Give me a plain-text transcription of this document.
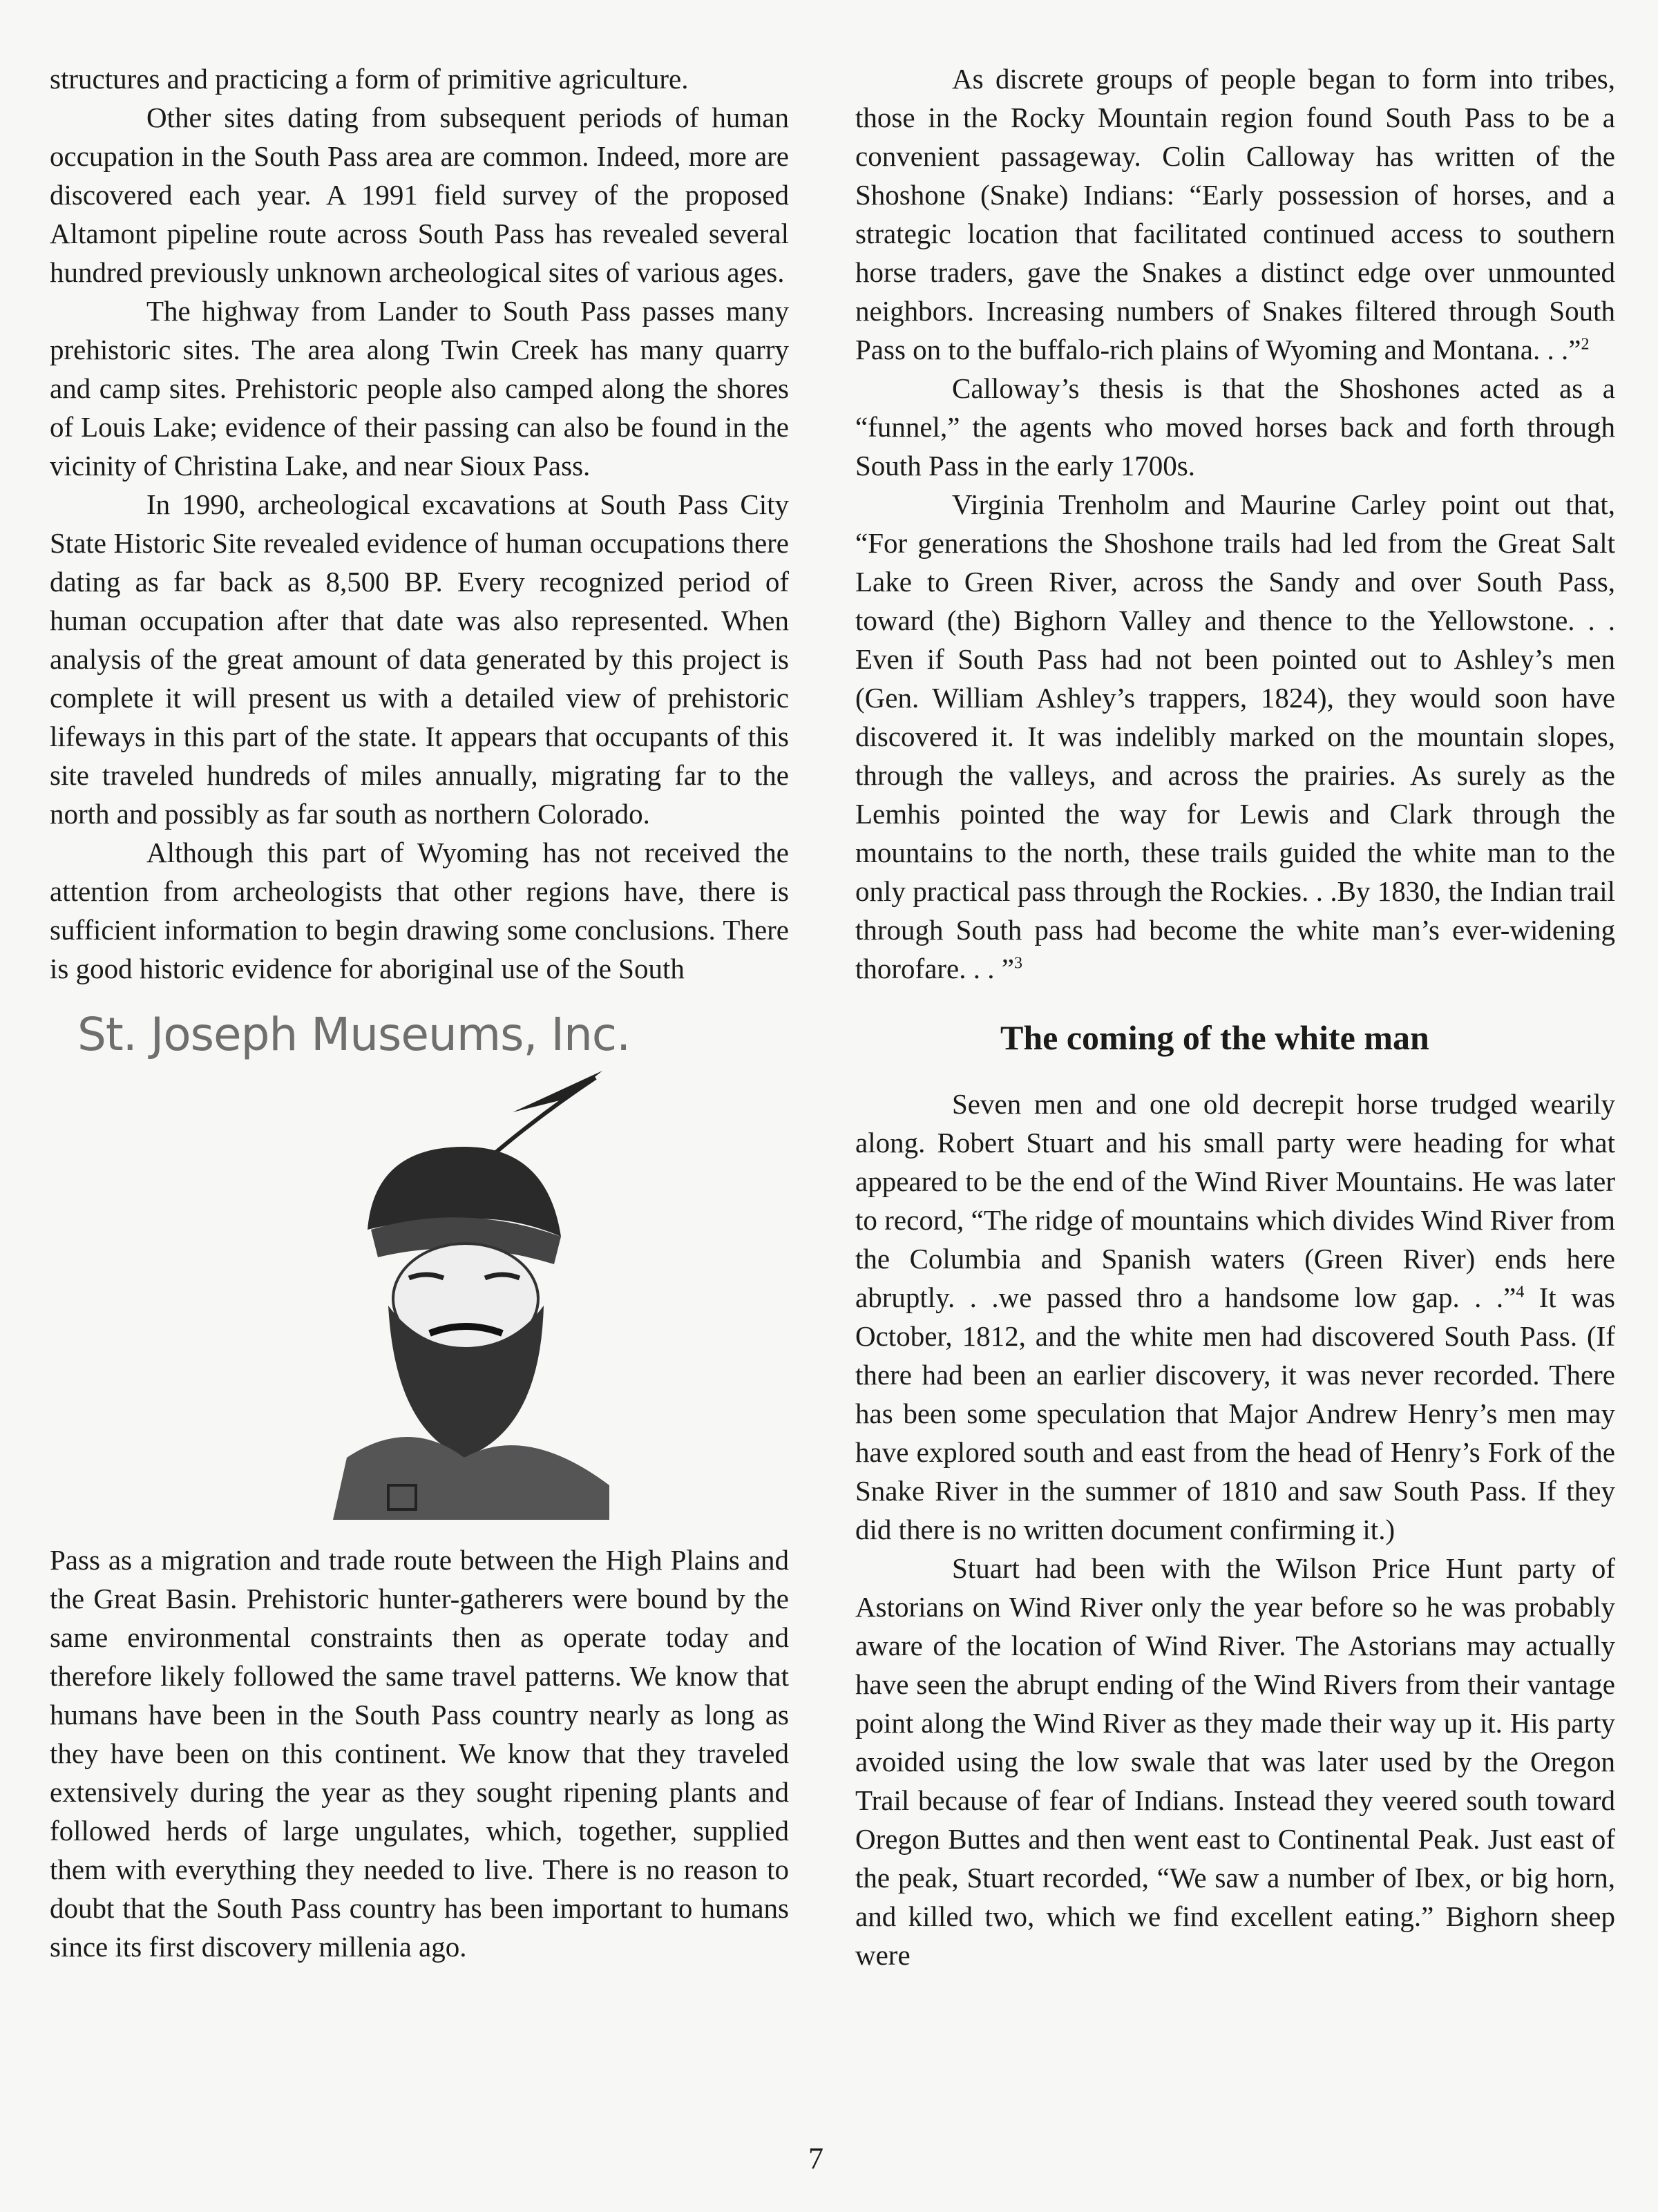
structures and practicing a form of primitive agriculture.

Other sites dating from subsequent periods of human occupation in the South Pass area are common. Indeed, more are discovered each year. A 1991 field survey of the proposed Altamont pipeline route across South Pass has revealed several hundred previously unknown archeological sites of various ages.

The highway from Lander to South Pass passes many prehistoric sites. The area along Twin Creek has many quarry and camp sites. Prehistoric people also camped along the shores of Louis Lake; evidence of their passing can also be found in the vicinity of Christina Lake, and near Sioux Pass.

In 1990, archeological excavations at South Pass City State Historic Site revealed evidence of human occupations there dating as far back as 8,500 BP. Every recognized period of human occupation after that date was also represented. When analysis of the great amount of data generated by this project is complete it will present us with a detailed view of prehistoric lifeways in this part of the state. It appears that occupants of this site traveled hundreds of miles annually, migrating far to the north and possibly as far south as northern Colorado.

Although this part of Wyoming has not received the attention from archeologists that other regions have, there is sufficient information to begin drawing some conclusions. There is good historic evidence for aboriginal use of the South

St. Joseph Museums, Inc.

Pass as a migration and trade route between the High Plains and the Great Basin. Prehistoric hunter-gatherers were bound by the same environmental constraints then as operate today and therefore likely followed the same travel patterns. We know that humans have been in the South Pass country nearly as long as they have been on this continent. We know that they traveled extensively during the year as they sought ripening plants and followed herds of large ungulates, which, together, supplied them with everything they needed to live. There is no reason to doubt that the South Pass country has been important to humans since its first discovery millenia ago.

As discrete groups of people began to form into tribes, those in the Rocky Mountain region found South Pass to be a convenient passageway. Colin Calloway has written of the Shoshone (Snake) Indians: “Early possession of horses, and a strategic location that facilitated continued access to southern horse traders, gave the Snakes a distinct edge over unmounted neighbors. Increasing numbers of Snakes filtered through South Pass on to the buffalo-rich plains of Wyoming and Montana. . .”$^2$

Calloway’s thesis is that the Shoshones acted as a “funnel,” the agents who moved horses back and forth through South Pass in the early 1700s.

Virginia Trenholm and Maurine Carley point out that, “For generations the Shoshone trails had led from the Great Salt Lake to Green River, across the Sandy and over South Pass, toward (the) Bighorn Valley and thence to the Yellowstone. . . Even if South Pass had not been pointed out to Ashley’s men (Gen. William Ashley’s trappers, 1824), they would soon have discovered it. It was indelibly marked on the mountain slopes, through the valleys, and across the prairies. As surely as the Lemhis pointed the way for Lewis and Clark through the mountains to the north, these trails guided the white man to the only practical pass through the Rockies. . .By 1830, the Indian trail through South pass had become the white man’s ever-widening thorofare. . . ”$^3$

The coming of the white man

Seven men and one old decrepit horse trudged wearily along. Robert Stuart and his small party were heading for what appeared to be the end of the Wind River Mountains. He was later to record, “The ridge of mountains which divides Wind River from the Columbia and Spanish waters (Green River) ends here abruptly. . .we passed thro a handsome low gap. . .”$^4$ It was October, 1812, and the white men had discovered South Pass. (If there had been an earlier discovery, it was never recorded. There has been some speculation that Major Andrew Henry’s men may have explored south and east from the head of Henry’s Fork of the Snake River in the summer of 1810 and saw South Pass. If they did there is no written document confirming it.)

Stuart had been with the Wilson Price Hunt party of Astorians on Wind River only the year before so he was probably aware of the location of Wind River. The Astorians may actually have seen the abrupt ending of the Wind Rivers from their vantage point along the Wind River as they made their way up it. His party avoided using the low swale that was later used by the Oregon Trail because of fear of Indians. Instead they veered south toward Oregon Buttes and then went east to Continental Peak. Just east of the peak, Stuart recorded, “We saw a number of Ibex, or big horn, and killed two, which we find excellent eating.” Bighorn sheep were

7
